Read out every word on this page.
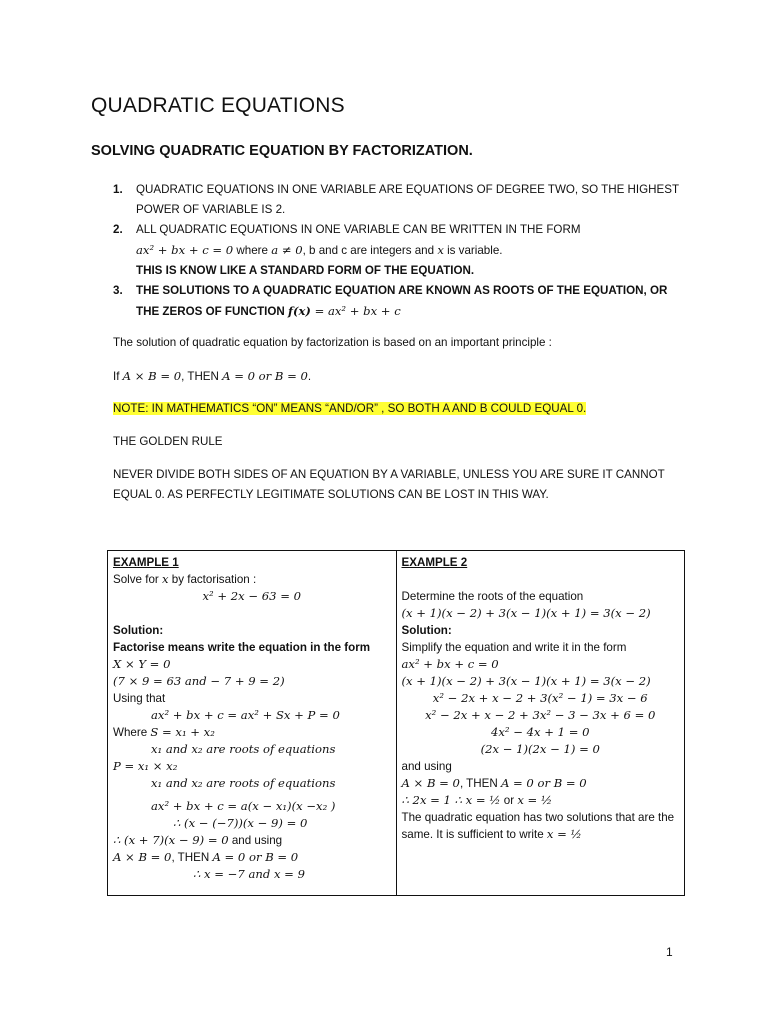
QUADRATIC EQUATIONS
SOLVING QUADRATIC EQUATION BY FACTORIZATION.
1. QUADRATIC EQUATIONS IN ONE VARIABLE ARE EQUATIONS OF DEGREE TWO, SO THE HIGHEST POWER OF VARIABLE IS 2.
2. ALL QUADRATIC EQUATIONS IN ONE VARIABLE CAN BE WRITTEN IN THE FORM
ax² + bx + c = 0 where a ≠ 0, b and c are integers and x is variable.
THIS IS KNOW LIKE A STANDARD FORM OF THE EQUATION.
3. THE SOLUTIONS TO A QUADRATIC EQUATION ARE KNOWN AS ROOTS OF THE EQUATION, OR THE ZEROS OF FUNCTION f(x) = ax² + bx + c
The solution of quadratic equation by factorization is based on an important principle :
If A × B = 0, THEN A = 0 or B = 0.
NOTE: IN MATHEMATICS “ON” MEANS “AND/OR” , SO BOTH A AND B COULD EQUAL 0.
THE GOLDEN RULE
NEVER DIVIDE BOTH SIDES OF AN EQUATION BY A VARIABLE, UNLESS YOU ARE SURE IT CANNOT EQUAL 0. AS PERFECTLY LEGITIMATE SOLUTIONS CAN BE LOST IN THIS WAY.
EXAMPLE 1
Solve for x by factorisation :
x² + 2x − 63 = 0

Solution:
Factorise means write the equation in the form
X × Y = 0
(7 × 9 = 63 and − 7 + 9 = 2)
Using that
ax² + bx + c = ax² + Sx + P = 0
Where S = x₁ + x₂
x₁ and x₂ are roots of equations
P = x₁ × x₂
x₁ and x₂ are roots of equations
ax² + bx + c = a(x − x₁)(x −x₂ )
∴ (x − (−7))(x − 9) = 0
∴ (x + 7)(x − 9) = 0 and using
A × B = 0, THEN A = 0 or B = 0
∴ x = −7 and x = 9

EXAMPLE 2

Determine the roots of the equation
(x + 1)(x − 2) + 3(x − 1)(x + 1) = 3(x − 2)
Solution:
Simplify the equation and write it in the form
ax² + bx + c = 0
(x + 1)(x − 2) + 3(x − 1)(x + 1) = 3(x − 2)
x² − 2x + x − 2 + 3(x² − 1) = 3x − 6
x² − 2x + x − 2 + 3x² − 3 − 3x + 6 = 0
4x² − 4x + 1 = 0
(2x − 1)(2x − 1) = 0
and using
A × B = 0, THEN A = 0 or B = 0
∴ 2x = 1 ∴ x = ½ or x = ½
The quadratic equation has two solutions that are the same. It is sufficient to write x = ½
1
